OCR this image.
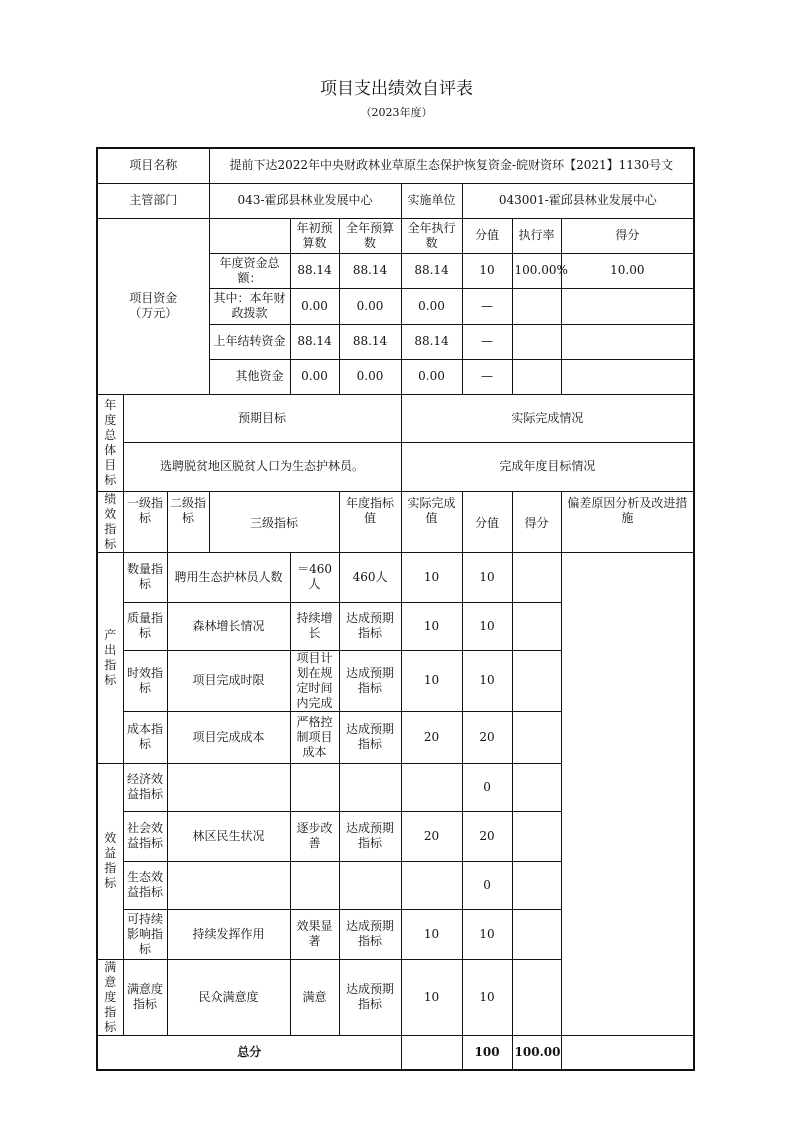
项目支出绩效自评表
（2023年度）
项目名称			提前下达2022年中央财政林业草原生态保护恢复资金-皖财资环【2021】1130号文						
主管部门			043-霍邱县林业发展中心			实施单位	043001-霍邱县林业发展中心		
项目资金
（万元）				年初预算数	全年预算数	全年执行数	分值	执行率	得分
			年度资金总额：	88.14	88.14	88.14	10	100.00%	10.00
			其中：本年财政拨款	0.00	0.00	0.00	—		
			上年结转资金	88.14	88.14	88.14	—		
			其他资金	0.00	0.00	0.00	—		
年度总体目标	预期目标					实际完成情况			
	选聘脱贫地区脱贫人口为生态护林员。					完成年度目标情况			
绩效指标	一级指标	二级指标	三级指标		年度指标值	实际完成值	分值	得分	偏差原因分析及改进措施
产出指标	数量指标	聘用生态护林员人数		＝460人	460人	10	10		
	质量指标	森林增长情况		持续增长	达成预期指标	10	10		
	时效指标	项目完成时限		项目计划在规定时间内完成	达成预期指标	10	10		
	成本指标	项目完成成本		严格控制项目成本	达成预期指标	20	20		
效益指标	经济效益指标						0		
	社会效益指标	林区民生状况		逐步改善	达成预期指标	20	20		
	生态效益指标						0		
	可持续影响指标	持续发挥作用		效果显著	达成预期指标	10	10		
满意度指标	满意度指标	民众满意度		满意	达成预期指标	10	10		
总分							100	100.00	
